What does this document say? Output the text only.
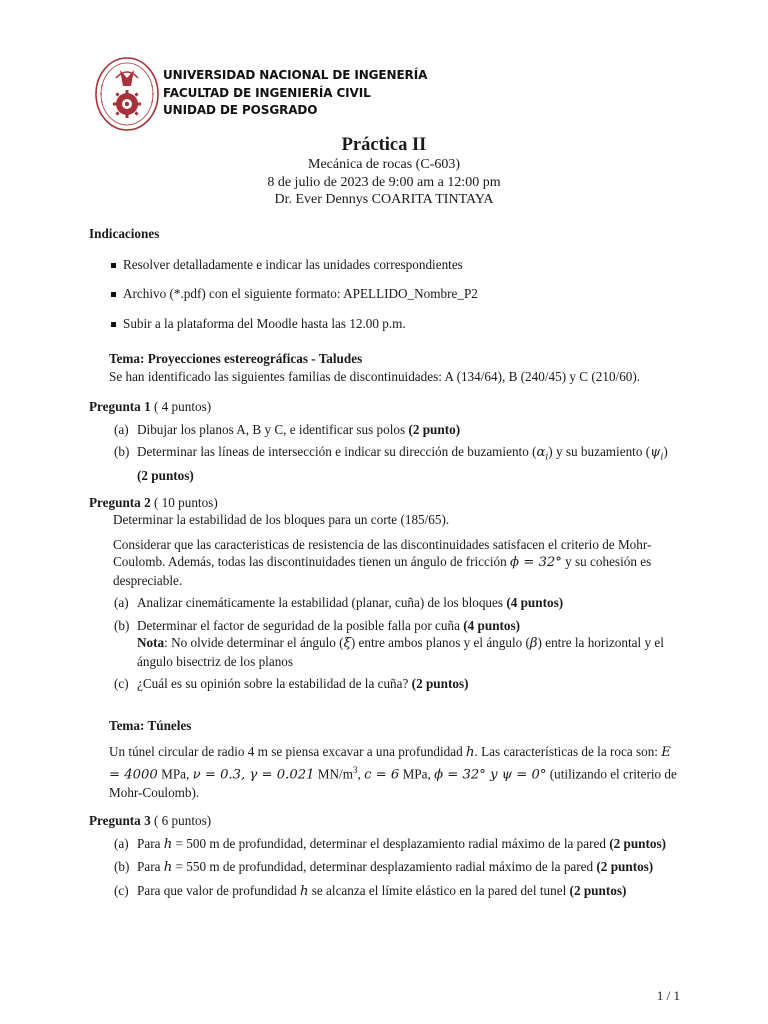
UNIVERSIDAD NACIONAL DE INGENERÍA
FACULTAD DE INGENIERÍA CIVIL
UNIDAD DE POSGRADO
Práctica II
Mecánica de rocas (C-603)
8 de julio de 2023 de 9:00 am a 12:00 pm
Dr. Ever Dennys COARITA TINTAYA
Indicaciones
Resolver detalladamente e indicar las unidades correspondientes
Archivo (*.pdf) con el siguiente formato: APELLIDO_Nombre_P2
Subir a la plataforma del Moodle hasta las 12.00 p.m.
Tema: Proyecciones estereográficas - Taludes
Se han identificado las siguientes familias de discontinuidades: A (134/64), B (240/45) y C (210/60).
Pregunta 1 ( 4 puntos)
(a) Dibujar los planos A, B y C, e identificar sus polos (2 punto)
(b) Determinar las líneas de intersección e indicar su dirección de buzamiento $(\alpha_i)$ y su buzamiento $(\psi_i)$ (2 puntos)
Pregunta 2 ( 10 puntos)
Determinar la estabilidad de los bloques para un corte (185/65).
Considerar que las caracteristicas de resistencia de las discontinuidades satisfacen el criterio de Mohr-Coulomb. Además, todas las discontinuidades tienen un ángulo de fricción ϕ = 32° y su cohesión es despreciable.
(a) Analizar cinemáticamente la estabilidad (planar, cuña) de los bloques (4 puntos)
(b) Determinar el factor de seguridad de la posible falla por cuña (4 puntos)
Nota: No olvide determinar el ángulo (ξ) entre ambos planos y el ángulo (β) entre la horizontal y el ángulo bisectriz de los planos
(c) ¿Cuál es su opinión sobre la estabilidad de la cuña? (2 puntos)
Tema: Túneles
Un túnel circular de radio 4 m se piensa excavar a una profundidad h. Las características de la roca son: E = 4000 MPa, ν = 0.3, γ = 0.021 $MN/m^3$, c = 6 MPa, ϕ = 32° y ψ = 0° (utilizando el criterio de Mohr-Coulomb).
Pregunta 3 ( 6 puntos)
(a) Para h = 500 m de profundidad, determinar el desplazamiento radial máximo de la pared (2 puntos)
(b) Para h = 550 m de profundidad, determinar desplazamiento radial máximo de la pared (2 puntos)
(c) Para que valor de profundidad h se alcanza el límite elástico en la pared del tunel (2 puntos)
1 / 1
